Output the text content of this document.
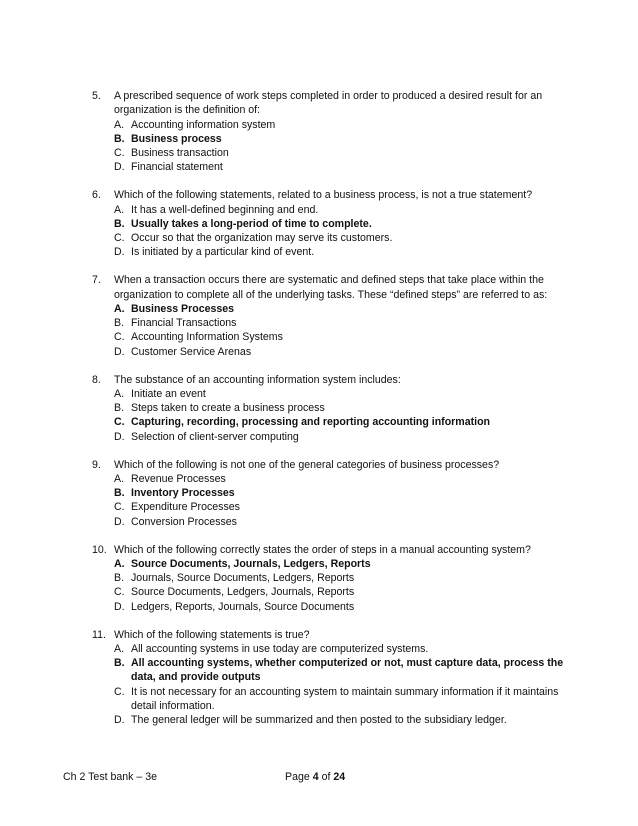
5.	A prescribed sequence of work steps completed in order to produced a desired result for an organization is the definition of:
A. Accounting information system
B. Business process
C. Business transaction
D. Financial statement
6.	Which of the following statements, related to a business process, is not a true statement?
A. It has a well-defined beginning and end.
B. Usually takes a long-period of time to complete.
C. Occur so that the organization may serve its customers.
D. Is initiated by a particular kind of event.
7.	When a transaction occurs there are systematic and defined steps that take place within the organization to complete all of the underlying tasks. These “defined steps” are referred to as:
A. Business Processes
B. Financial Transactions
C. Accounting Information Systems
D. Customer Service Arenas
8.	The substance of an accounting information system includes:
A. Initiate an event
B. Steps taken to create a business process
C. Capturing, recording, processing and reporting accounting information
D. Selection of client-server computing
9.	Which of the following is not one of the general categories of business processes?
A. Revenue Processes
B. Inventory Processes
C. Expenditure Processes
D. Conversion Processes
10. Which of the following correctly states the order of steps in a manual accounting system?
A. Source Documents, Journals, Ledgers, Reports
B. Journals, Source Documents, Ledgers, Reports
C. Source Documents, Ledgers, Journals, Reports
D. Ledgers, Reports, Journals, Source Documents
11. Which of the following statements is true?
A. All accounting systems in use today are computerized systems.
B. All accounting systems, whether computerized or not, must capture data, process the data, and provide outputs
C. It is not necessary for an accounting system to maintain summary information if it maintains detail information.
D. The general ledger will be summarized and then posted to the subsidiary ledger.
Ch 2 Test bank – 3e	Page 4 of 24
